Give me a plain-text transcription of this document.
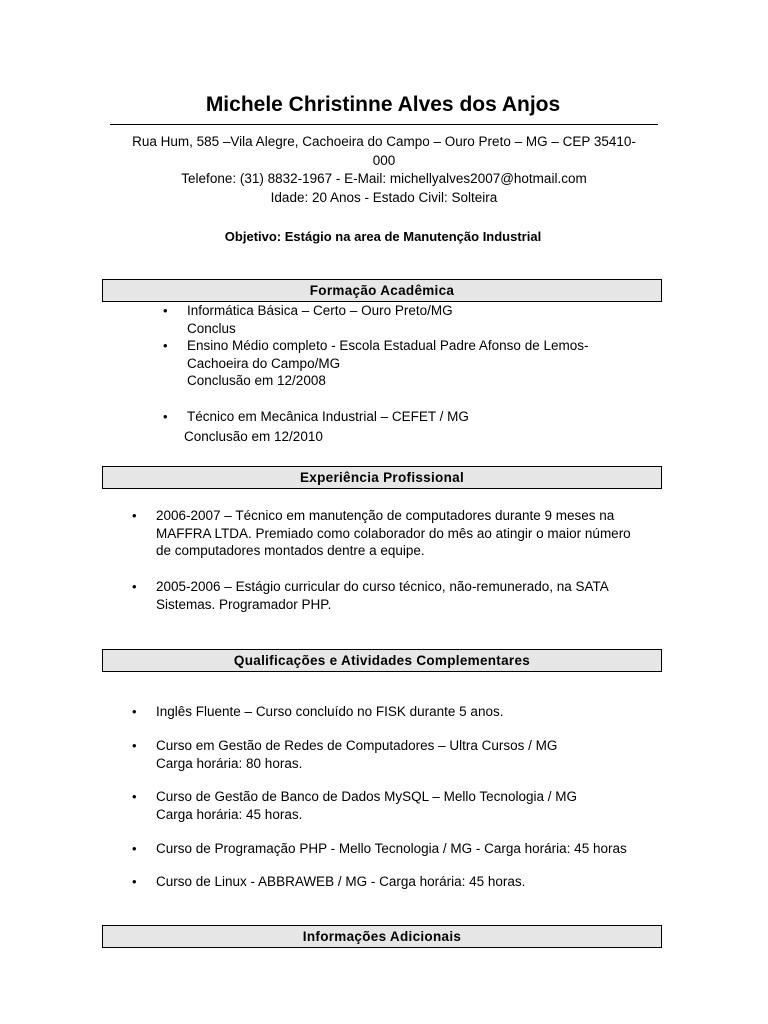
Michele Christinne Alves dos Anjos
Rua Hum, 585 –Vila Alegre, Cachoeira do Campo – Ouro Preto – MG – CEP 35410-
000
Telefone: (31) 8832-1967 - E-Mail: michellyalves2007@hotmail.com
Idade: 20 Anos - Estado Civil: Solteira
Objetivo: Estágio na area de Manutenção Industrial
Formação Acadêmica
• Informática Básica – Certo – Ouro Preto/MG
Conclus
• Ensino Médio completo - Escola Estadual Padre Afonso de Lemos-
Cachoeira do Campo/MG
Conclusão em 12/2008
• Técnico em Mecânica Industrial – CEFET / MG
Conclusão em 12/2010
Experiência Profissional
• 2006-2007 – Técnico em manutenção de computadores durante 9 meses na
MAFFRA LTDA. Premiado como colaborador do mês ao atingir o maior número
de computadores montados dentre a equipe.
• 2005-2006 – Estágio curricular do curso técnico, não-remunerado, na SATA
Sistemas. Programador PHP.
Qualificações e Atividades Complementares
• Inglês Fluente – Curso concluído no FISK durante 5 anos.
• Curso em Gestão de Redes de Computadores – Ultra Cursos / MG
Carga horária: 80 horas.
• Curso de Gestão de Banco de Dados MySQL – Mello Tecnologia / MG
Carga horária: 45 horas.
• Curso de Programação PHP - Mello Tecnologia / MG - Carga horária: 45 horas
• Curso de Linux - ABBRAWEB / MG - Carga horária: 45 horas.
Informações Adicionais
